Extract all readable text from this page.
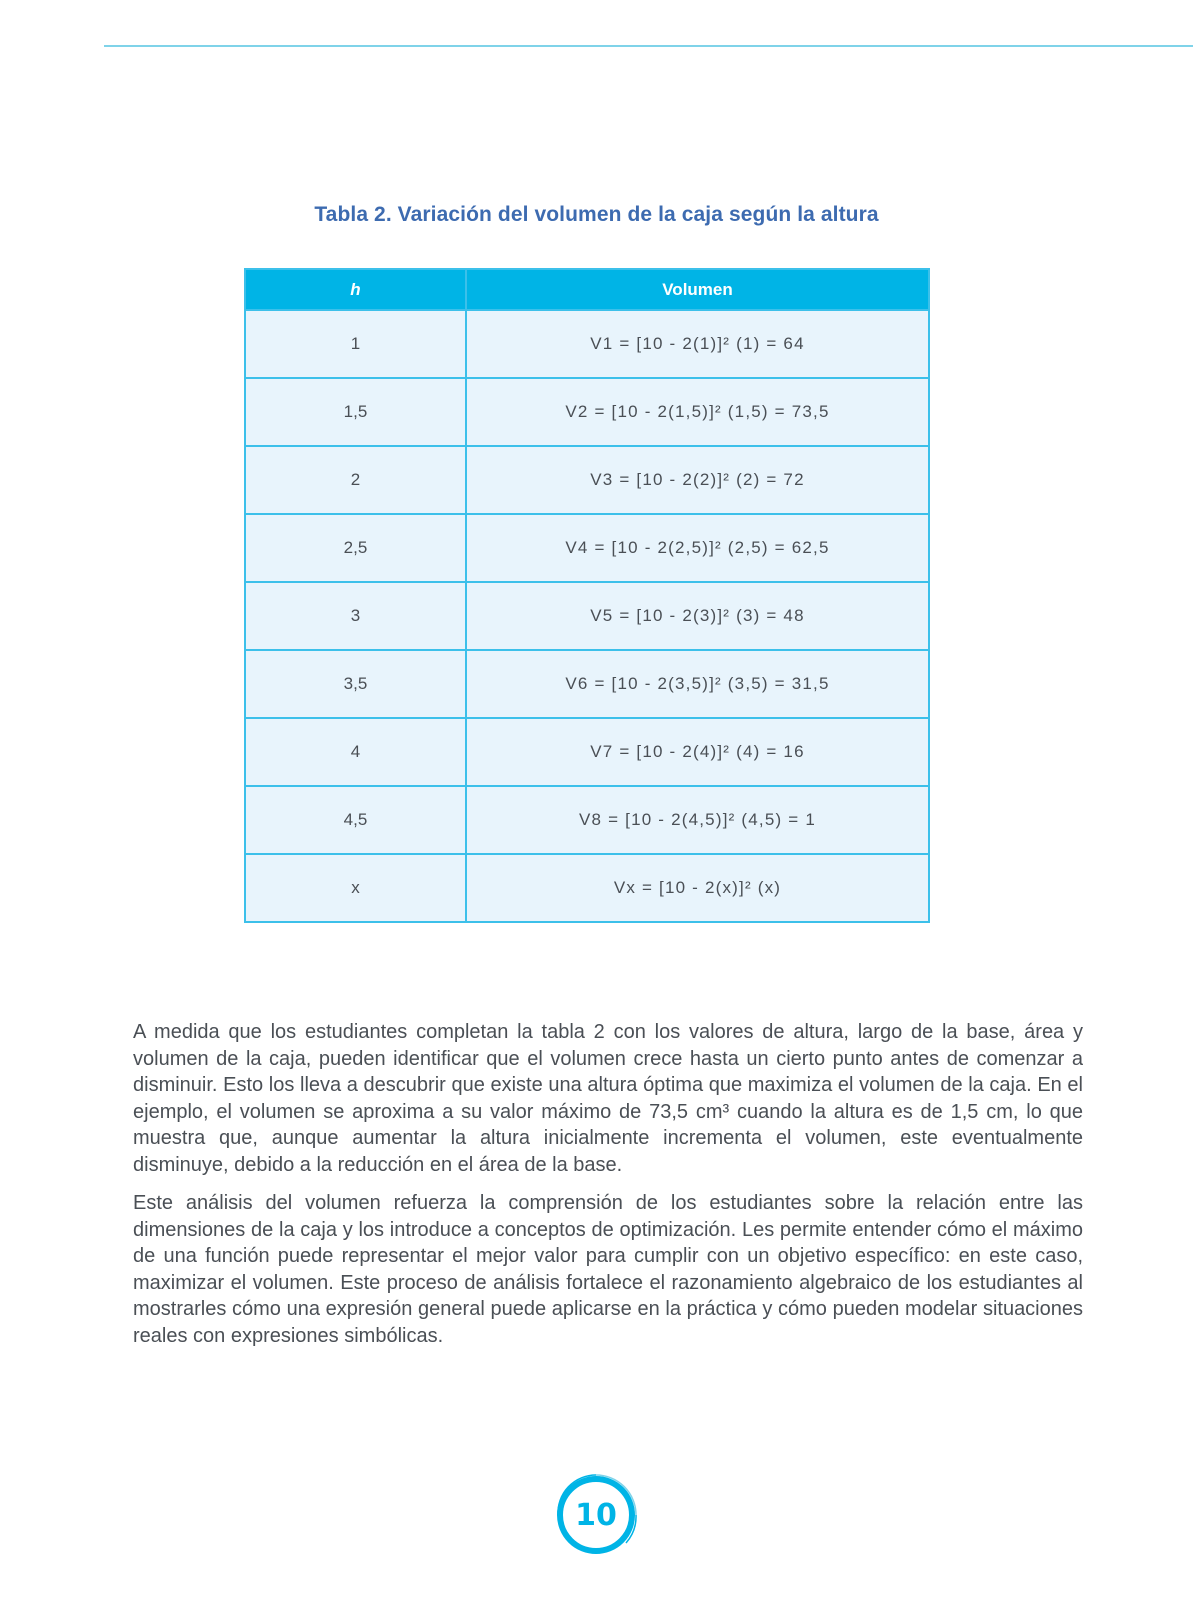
Tabla 2. Variación del volumen de la caja según la altura
h	Volumen
1	V1 = [10 - 2(1)]² (1) = 64
1,5	V2 = [10 - 2(1,5)]² (1,5) = 73,5
2	V3 = [10 - 2(2)]² (2) = 72
2,5	V4 = [10 - 2(2,5)]² (2,5) = 62,5
3	V5 = [10 - 2(3)]² (3) = 48
3,5	V6 = [10 - 2(3,5)]² (3,5) = 31,5
4	V7 = [10 - 2(4)]² (4) = 16
4,5	V8 = [10 - 2(4,5)]² (4,5) = 1
x	Vx = [10 - 2(x)]² (x)

A medida que los estudiantes completan la tabla 2 con los valores de altura, largo de la base, área y volumen de la caja, pueden identificar que el volumen crece hasta un cierto punto antes de comenzar a disminuir. Esto los lleva a descubrir que existe una altura óptima que maximiza el volumen de la caja. En el ejemplo, el volumen se aproxima a su valor máximo de 73,5 cm³ cuando la altura es de 1,5 cm, lo que muestra que, aunque aumentar la altura inicialmente incrementa el volumen, este eventualmente disminuye, debido a la reducción en el área de la base.

Este análisis del volumen refuerza la comprensión de los estudiantes sobre la relación entre las dimensiones de la caja y los introduce a conceptos de optimización. Les permite entender cómo el máximo de una función puede representar el mejor valor para cumplir con un objetivo específico: en este caso, maximizar el volumen. Este proceso de análisis fortalece el razonamiento algebraico de los estudiantes al mostrarles cómo una expresión general puede aplicarse en la práctica y cómo pueden modelar situaciones reales con expresiones simbólicas.

10
